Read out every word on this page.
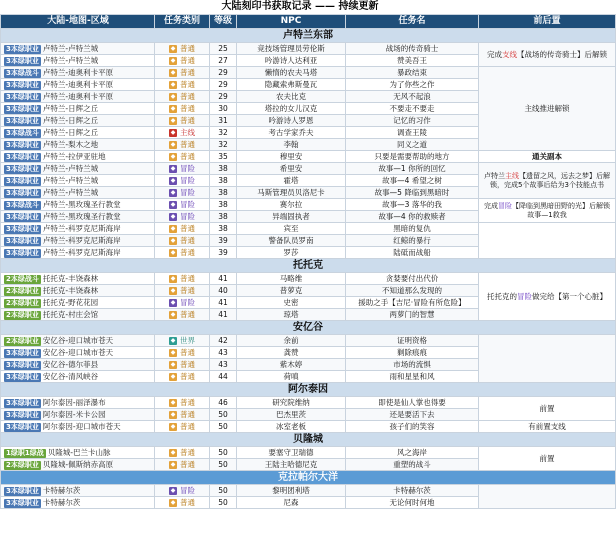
大陆刻印书获取记录 —— 持续更新
大陆-地图-区域	任务类别	等级	NPC	任务名	前后置
卢特兰东部					
3本绿职业 卢特兰-卢特兰城	◆ 普通	25	竞技场管理员劳伦斯	战场的传奇骑士	完成支线【战场的传奇骑士】后解锁
3本绿职业 卢特兰-卢特兰城	◆ 普通	27	吟游诗人达利亚	赞美吾王	
3本绿战斗 卢特兰-迪奥利卡平原	◆ 普通	29	懒惰的农夫马塔	暴政结束	主线推进解锁
3本绿职业 卢特兰-迪奥利卡平原	◆ 普通	29	隐藏索弗斯曼瓦	为了你些之作	
3本绿职业 卢特兰-迪奥利卡平原	◆ 普通	29	农夫比克	无风不起浪	
3本绿职业 卢特兰-日辉之丘	◆ 普通	30	塔拉的女儿汉克	不要走不要走	
3本绿职业 卢特兰-日辉之丘	◆ 普通	31	吟游诗人罗恩	记忆的习作	
3本绿战斗 卢特兰-日辉之丘	◆ 主线	32	考古学家乔夫	调查王陵	
3本绿职业 卢特兰-梨木之地	◆ 普通	32	李翰	同义之道	
3本绿职业 卢特兰-拉伊亚驻地	◆ 普通	35	穆里安	只要是需要帮助的地方	通关副本
3本绿职业 卢特兰-卢特兰城	◆ 冒险	38	希里安	故事—1 你所的回忆	卢特兰主线【遗留之风，远去之梦】后解锁，完成5个故事后给为3个技能点书
3本绿职业 卢特兰-卢特兰城	◆ 冒险	38	霍塔	故事—4 希望之树	
3本绿职业 卢特兰-卢特兰城	◆ 冒险	38	马斯管理员贝洛尼卡	故事—5 降临到黑暗时	
3本绿战斗 卢特兰-黑玫瑰圣行教堂	◆ 冒险	38	赛尔拉	故事—3 落华的我	完成冒险【降临到黑暗田野的光】后解锁故事—1救我
3本绿职业 卢特兰-黑玫瑰圣行教堂	◆ 冒险	38	异端固执者	故事—4 你的救赎者	
3本绿职业 卢特兰-科罗克尼斯海岸	◆ 普通	38	宾至	黑暗的复仇	
3本绿职业 卢特兰-科罗克尼斯海岸	◆ 普通	39	警备队员罗南	红鲸的暴行	
3本绿职业 卢特兰-科罗克尼斯海岸	◆ 普通	39	罗莎	陆砥而战船	
托托克					
2本绿战斗 托托克-丰饶森林	◆ 普通	41	马略维	贪婪要付出代价	托托克的冒险做完给【第一个心脏】
2本绿职业 托托克-丰饶森林	◆ 普通	40	普萝克	不知道那么发现的	
2本绿职业 托托克-野花花园	◆ 冒险	41	史密	援助之手【吉尼·冒险有所危险】	
2本绿职业 托托克-村庄会馆	◆ 普通	41	琼塔	两萝门的智慧	
安亿谷					
2本绿职业 安亿谷-迎口城市苍天	◆ 世界	42	余前	证明资格	
3本绿职业 安亿谷-迎口城市苍天	◆ 普通	43	龚赞	剿除痕痕	
3本绿职业 安亿谷-德尔菲县	◆ 普通	43	紫木婷	市场的流惧	
3本绿职业 安亿谷-清风峡谷	◆ 普通	44	荷嗔	雨和星星和风	
阿尔泰因					
3本绿职业 阿尔泰因-丽泽瀑布	◆ 普通	46	研究院维纳	即使是仙人掌也得要	前置
3本绿职业 阿尔泰因-米卡公园	◆ 普通	50	巴杰里茨	还是要活下去	
3本绿职业 阿尔泰因-迎口城市苍天	◆ 普通	50	冰室老板	孩子们的笑容	有前置支线
贝隆城					
1绿职1绿战 贝隆城-巴兰卡山脉	◆ 普通	50	要塞守卫瑞德	风之海岸	前置
2本绿职业 贝隆城-佩斯纳赤高原	◆ 普通	50	王陆主哈德尼克	重塑的战斗	
克拉帕尔大洋					
3本绿职业 卡特赫尔茨	◆ 冒险	50	黎明团利塔	卡特赫尔茨	
3本绿职业 卡特赫尔茨	◆ 普通	50	尼森	无论何时何地	
口腔的分析 食谱去 刷图
